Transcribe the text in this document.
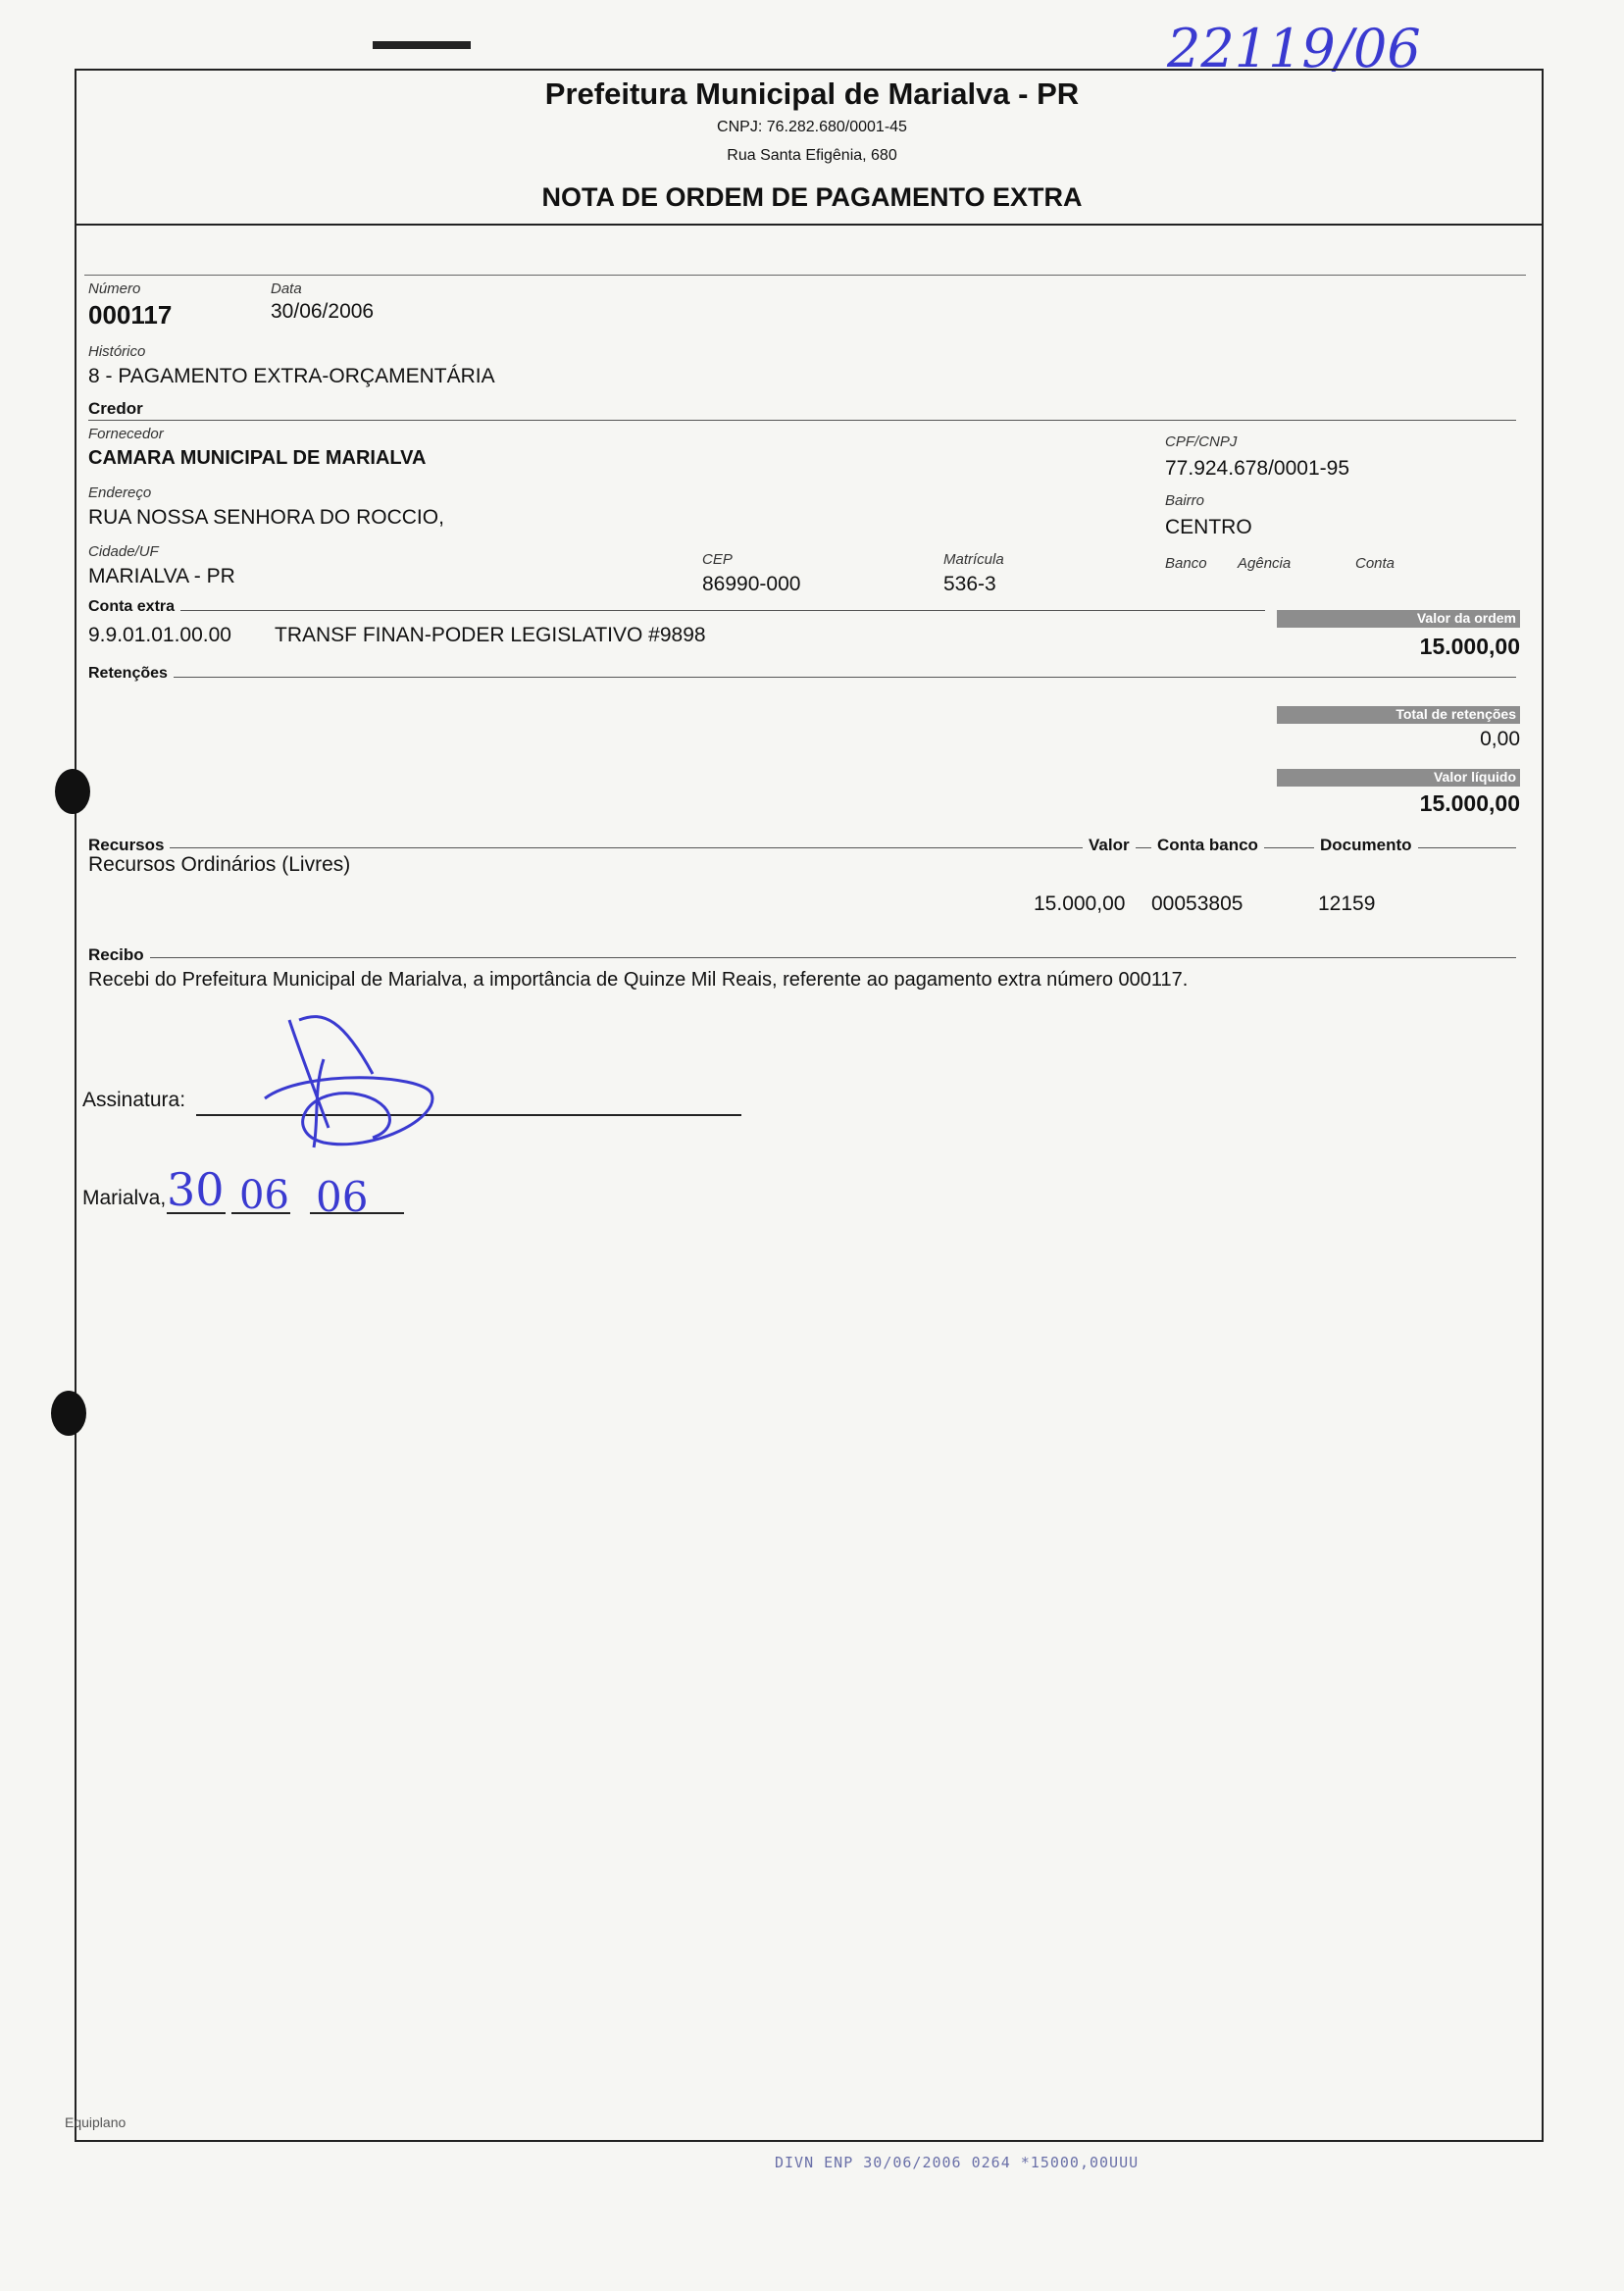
22119/06
Prefeitura Municipal de Marialva - PR
CNPJ: 76.282.680/0001-45
Rua Santa Efigênia, 680
NOTA DE ORDEM DE PAGAMENTO EXTRA
Número
000117
Data
30/06/2006
Histórico
8 - PAGAMENTO EXTRA-ORÇAMENTÁRIA
Credor
Fornecedor
CAMARA MUNICIPAL DE MARIALVA
CPF/CNPJ
77.924.678/0001-95
Endereço
RUA NOSSA SENHORA DO ROCCIO,
Bairro
CENTRO
Cidade/UF
MARIALVA - PR
CEP
86990-000
Matrícula
536-3
Banco Agência	Conta
Conta extra
9.9.01.01.00.00 TRANSF FINAN-PODER LEGISLATIVO #9898
Valor da ordem
15.000,00
Retenções
Total de retenções
0,00
Valor líquido
15.000,00
Recursos	Valor	Conta banco	Documento
Recursos Ordinários (Livres)
15.000,00 00053805	12159
Recibo
Recebi do Prefeitura Municipal de Marialva, a importância de Quinze Mil Reais, referente ao pagamento extra número 000117.
Assinatura:
Marialva, 30 06 06
Equiplano
DIVN ENP 30/06/2006 0264 *15000,00UUU
